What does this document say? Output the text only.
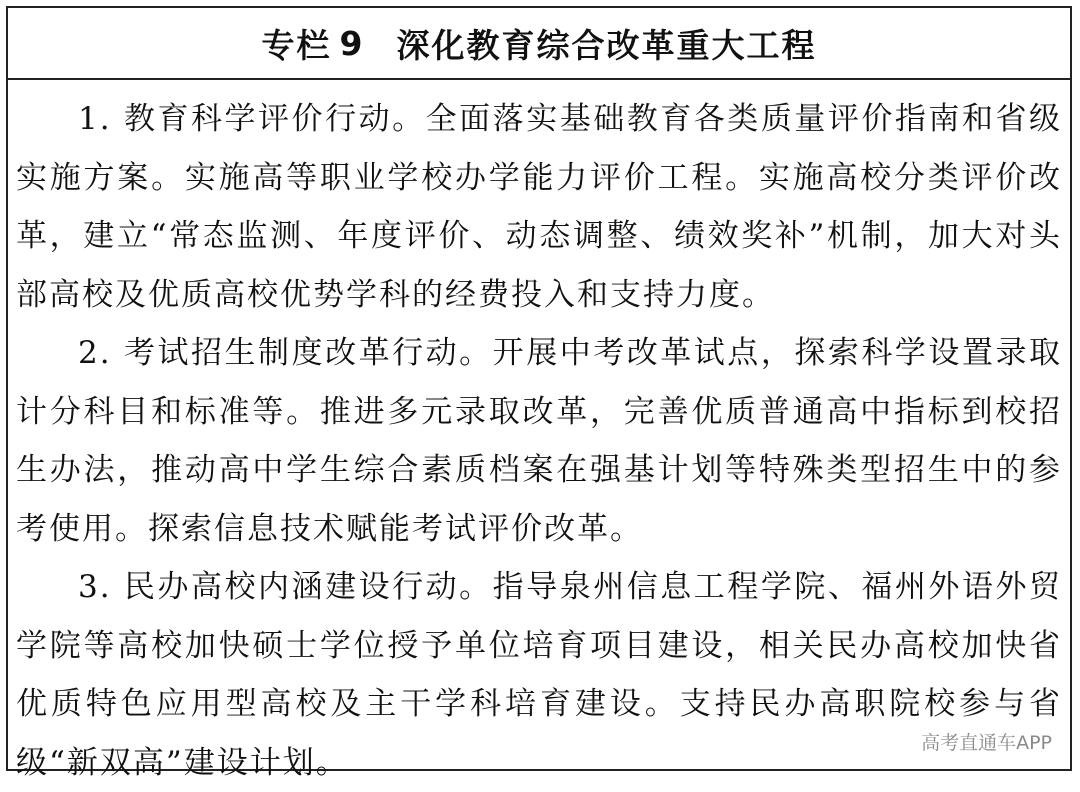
专栏 9 深化教育综合改革重大工程

1. 教育科学评价行动。全面落实基础教育各类质量评价指南和省级实施方案。实施高等职业学校办学能力评价工程。实施高校分类评价改革，建立“常态监测、年度评价、动态调整、绩效奖补”机制，加大对头部高校及优质高校优势学科的经费投入和支持力度。

2. 考试招生制度改革行动。开展中考改革试点，探索科学设置录取计分科目和标准等。推进多元录取改革，完善优质普通高中指标到校招生办法，推动高中学生综合素质档案在强基计划等特殊类型招生中的参考使用。探索信息技术赋能考试评价改革。

3. 民办高校内涵建设行动。指导泉州信息工程学院、福州外语外贸学院等高校加快硕士学位授予单位培育项目建设，相关民办高校加快省优质特色应用型高校及主干学科培育建设。支持民办高职院校参与省级“新双高”建设计划。

高考直通车APP
